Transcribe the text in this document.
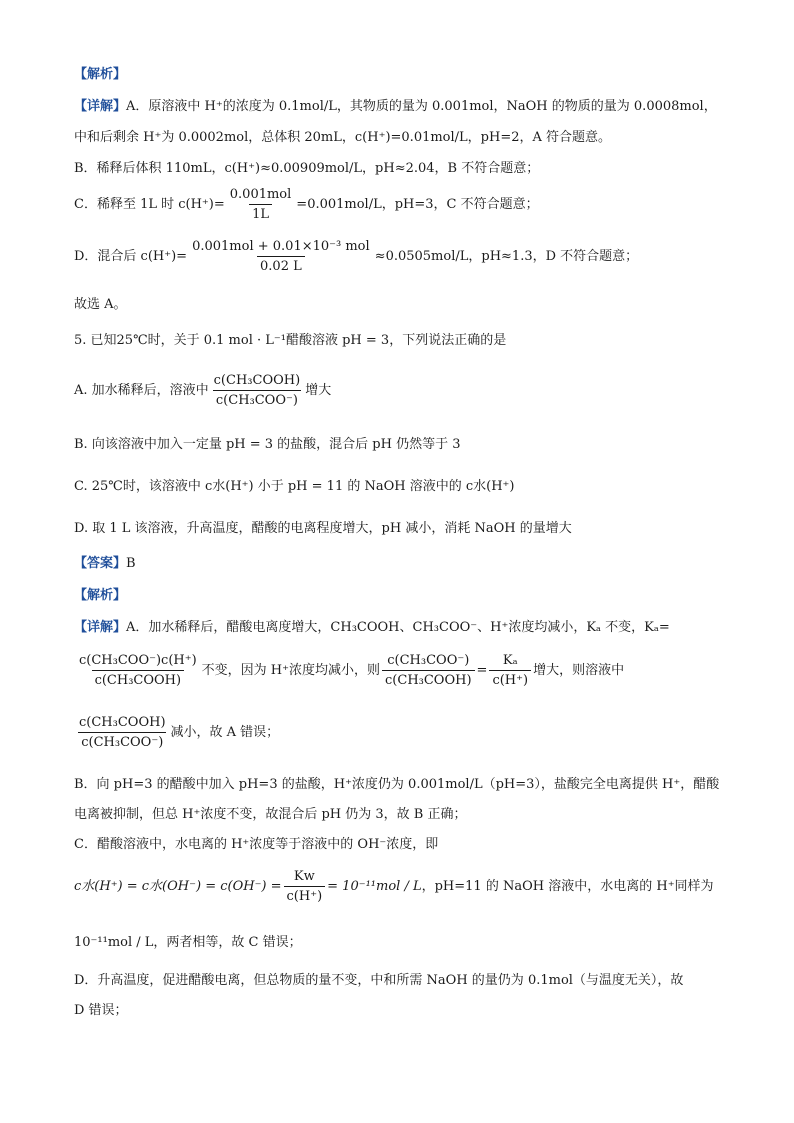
【解析】
【详解】A．原溶液中 H⁺的浓度为 0.1mol/L，其物质的量为 0.001mol，NaOH 的物质的量为 0.0008mol，
中和后剩余 H⁺为 0.0002mol，总体积 20mL，c(H⁺)=0.01mol/L，pH=2，A 符合题意。
B．稀释后体积 110mL，c(H⁺)≈0.00909mol/L，pH≈2.04，B 不符合题意；
C．稀释至 1L 时 $c(H^+)= \frac{\text{0.001mol}}{1L} =0.001mol/L$，pH=3，C 不符合题意；
D．混合后 $c(H^+)= \frac{\text{0.001mol + 0.01×10⁻³ mol}}{0.02 L} \approx 0.0505mol/L$，pH≈1.3，D 不符合题意；
故选 A。
5. 已知25℃时，关于 0.1 mol · L⁻¹醋酸溶液 pH = 3，下列说法正确的是
A. 加水稀释后，溶液中 $\frac{\text{c(CH₃COOH)}}{\text{c(CH₃COO⁻)}}$ 增大
B. 向该溶液中加入一定量 pH = 3 的盐酸，混合后 pH 仍然等于 3
C. 25℃时，该溶液中 c水(H⁺) 小于 pH = 11 的 NaOH 溶液中的 c水(H⁺)
D. 取 1 L 该溶液，升高温度，醋酸的电离程度增大，pH 减小，消耗 NaOH 的量增大
【答案】B
【解析】
【详解】A．加水稀释后，醋酸电离度增大，CH₃COOH、CH₃COO⁻、H⁺浓度均减小，Kₐ 不变，Kₐ=
$\frac{\text{c(CH₃COO⁻)c(H⁺)}}{\text{c(CH₃COOH)}}$ 不变，因为 H⁺浓度均减小，则 $\frac{\text{c(CH₃COO⁻)}}{\text{c(CH₃COOH)}} = \frac{\text{Kₐ}}{c(H^+)}$ 增大，则溶液中
$\frac{\text{c(CH₃COOH)}}{\text{c(CH₃COO⁻)}}$ 减小，故 A 错误；
B．向 pH=3 的醋酸中加入 pH=3 的盐酸，H⁺浓度仍为 0.001mol/L（pH=3），盐酸完全电离提供 H⁺，醋酸
电离被抑制，但总 H⁺浓度不变，故混合后 pH 仍为 3，故 B 正确；
C．醋酸溶液中，水电离的 H⁺浓度等于溶液中的 OH⁻浓度，即
c水(H⁺) = c水$(OH^-) = c(OH^-) = \frac{Kw}{c(H^+)} = 10^{-11}mol / L$，pH=11 的 NaOH 溶液中，水电离的 H⁺同样为
10⁻¹¹mol / L，两者相等，故 C 错误；
D．升高温度，促进醋酸电离，但总物质的量不变，中和所需 NaOH 的量仍为 0.1mol（与温度无关），故
D 错误；
